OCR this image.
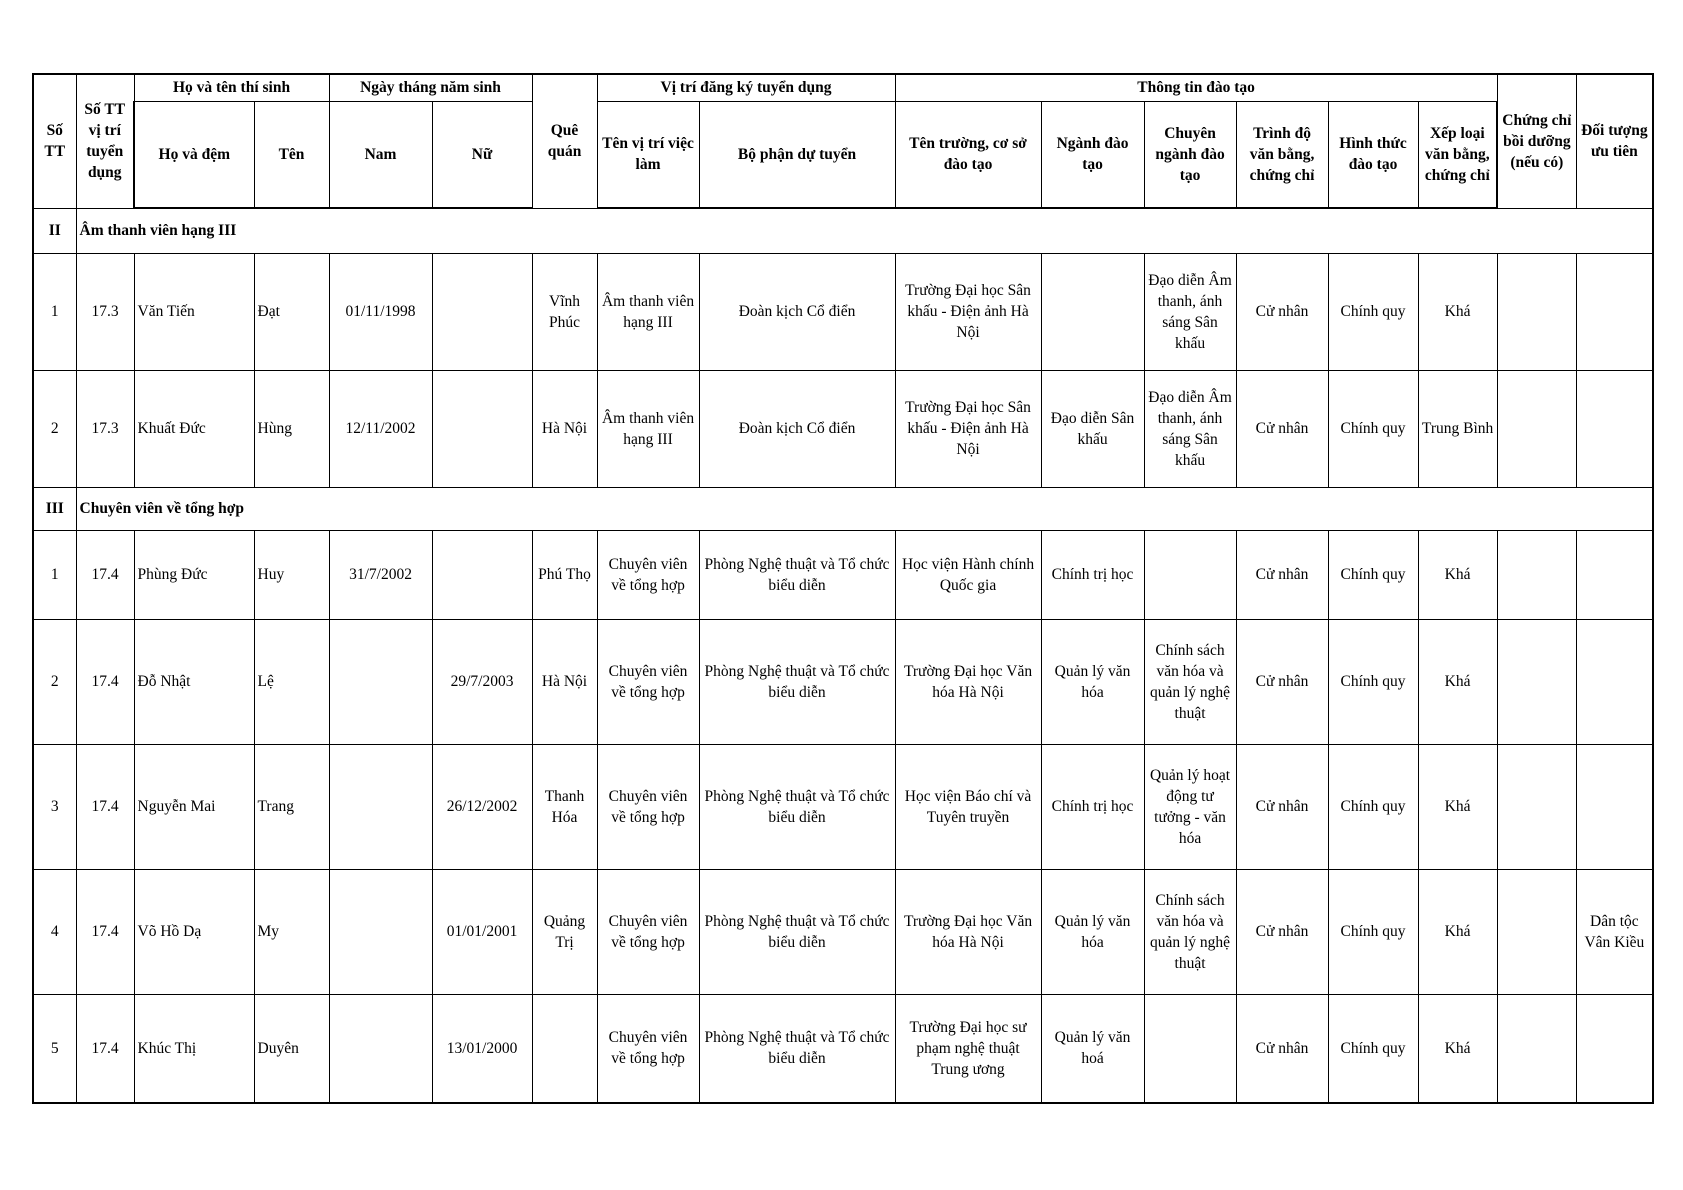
Số TT	Số TT vị trí tuyển dụng	Họ và tên thí sinh		Ngày tháng năm sinh		Quê quán	Vị trí đăng ký tuyển dụng		Thông tin đào tạo						Chứng chỉ bồi dưỡng (nếu có)	Đối tượng ưu tiên
		Họ và đệm	Tên	Nam	Nữ		Tên vị trí việc làm	Bộ phận dự tuyển	Tên trường, cơ sở đào tạo	Ngành đào tạo	Chuyên ngành đào tạo	Trình độ văn bằng, chứng chỉ	Hình thức đào tạo	Xếp loại văn bằng, chứng chỉ		
II	Âm thanh viên hạng III															
1	17.3	Văn Tiến	Đạt	01/11/1998		Vĩnh Phúc	Âm thanh viên hạng III	Đoàn kịch Cổ điển	Trường Đại học Sân khấu - Điện ảnh Hà Nội		Đạo diễn Âm thanh, ánh sáng Sân khấu	Cử nhân	Chính quy	Khá		
2	17.3	Khuất Đức	Hùng	12/11/2002		Hà Nội	Âm thanh viên hạng III	Đoàn kịch Cổ điển	Trường Đại học Sân khấu - Điện ảnh Hà Nội	Đạo diễn Sân khấu	Đạo diễn Âm thanh, ánh sáng Sân khấu	Cử nhân	Chính quy	Trung Bình		
III	Chuyên viên về tổng hợp															
1	17.4	Phùng Đức	Huy	31/7/2002		Phú Thọ	Chuyên viên về tổng hợp	Phòng Nghệ thuật và Tổ chức biểu diễn	Học viện Hành chính Quốc gia	Chính trị học		Cử nhân	Chính quy	Khá		
2	17.4	Đỗ Nhật	Lệ		29/7/2003	Hà Nội	Chuyên viên về tổng hợp	Phòng Nghệ thuật và Tổ chức biểu diễn	Trường Đại học Văn hóa Hà Nội	Quản lý văn hóa	Chính sách văn hóa và quản lý nghệ thuật	Cử nhân	Chính quy	Khá		
3	17.4	Nguyễn Mai	Trang		26/12/2002	Thanh Hóa	Chuyên viên về tổng hợp	Phòng Nghệ thuật và Tổ chức biểu diễn	Học viện Báo chí và Tuyên truyền	Chính trị học	Quản lý hoạt động tư tưởng - văn hóa	Cử nhân	Chính quy	Khá		
4	17.4	Võ Hồ Dạ	My		01/01/2001	Quảng Trị	Chuyên viên về tổng hợp	Phòng Nghệ thuật và Tổ chức biểu diễn	Trường Đại học Văn hóa Hà Nội	Quản lý văn hóa	Chính sách văn hóa và quản lý nghệ thuật	Cử nhân	Chính quy	Khá		Dân tộc Vân Kiều
5	17.4	Khúc Thị	Duyên		13/01/2000		Chuyên viên về tổng hợp	Phòng Nghệ thuật và Tổ chức biểu diễn	Trường Đại học sư phạm nghệ thuật Trung ương	Quản lý văn hoá		Cử nhân	Chính quy	Khá		
